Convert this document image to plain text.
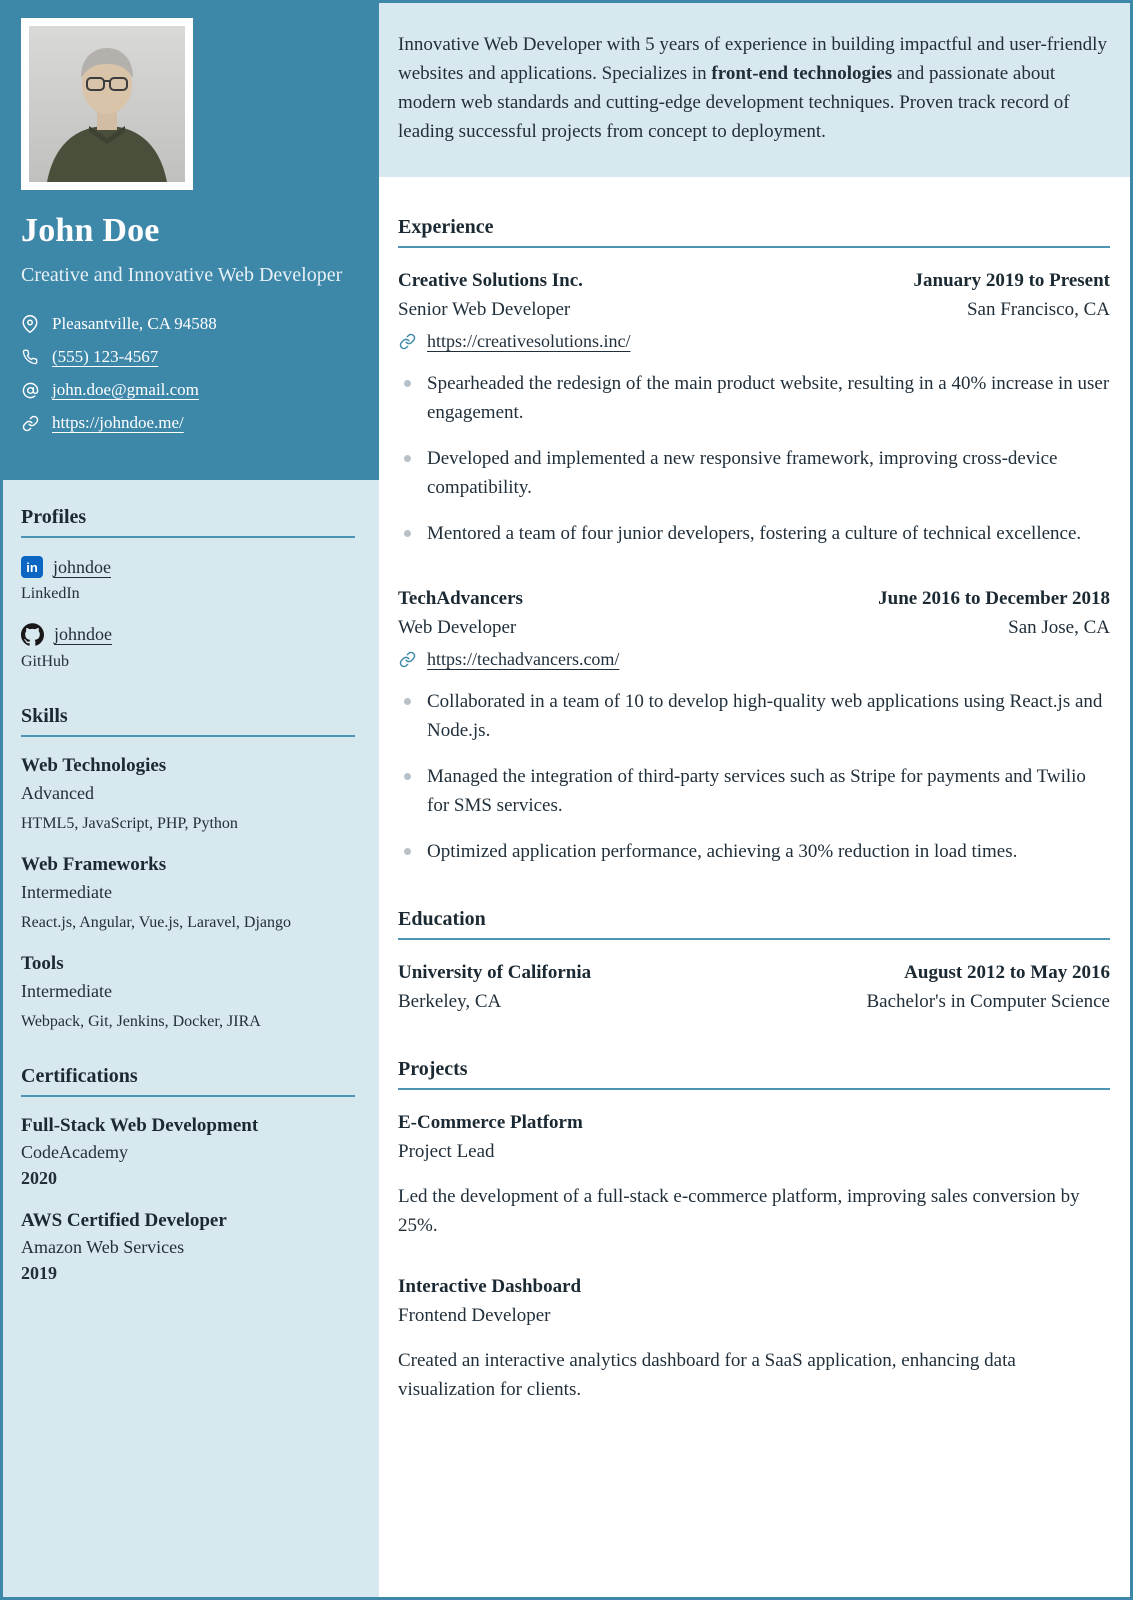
John Doe
Creative and Innovative Web Developer
Pleasantville, CA 94588
(555) 123-4567
john.doe@gmail.com
https://johndoe.me/
Profiles
in johndoe
LinkedIn
johndoe
GitHub
Skills
Web Technologies
Advanced
HTML5, JavaScript, PHP, Python
Web Frameworks
Intermediate
React.js, Angular, Vue.js, Laravel, Django
Tools
Intermediate
Webpack, Git, Jenkins, Docker, JIRA
Certifications
Full-Stack Web Development
CodeAcademy
2020
AWS Certified Developer
Amazon Web Services
2019
Innovative Web Developer with 5 years of experience in building impactful and user-friendly websites and applications. Specializes in front-end technologies and passionate about modern web standards and cutting-edge development techniques. Proven track record of leading successful projects from concept to deployment.
Experience
Creative Solutions Inc.	January 2019 to Present
Senior Web Developer	San Francisco, CA
https://creativesolutions.inc/
Spearheaded the redesign of the main product website, resulting in a 40% increase in user engagement.
Developed and implemented a new responsive framework, improving cross-device compatibility.
Mentored a team of four junior developers, fostering a culture of technical excellence.
TechAdvancers	June 2016 to December 2018
Web Developer	San Jose, CA
https://techadvancers.com/
Collaborated in a team of 10 to develop high-quality web applications using React.js and Node.js.
Managed the integration of third-party services such as Stripe for payments and Twilio for SMS services.
Optimized application performance, achieving a 30% reduction in load times.
Education
University of California	August 2012 to May 2016
Berkeley, CA	Bachelor's in Computer Science
Projects
E-Commerce Platform
Project Lead
Led the development of a full-stack e-commerce platform, improving sales conversion by 25%.
Interactive Dashboard
Frontend Developer
Created an interactive analytics dashboard for a SaaS application, enhancing data visualization for clients.
